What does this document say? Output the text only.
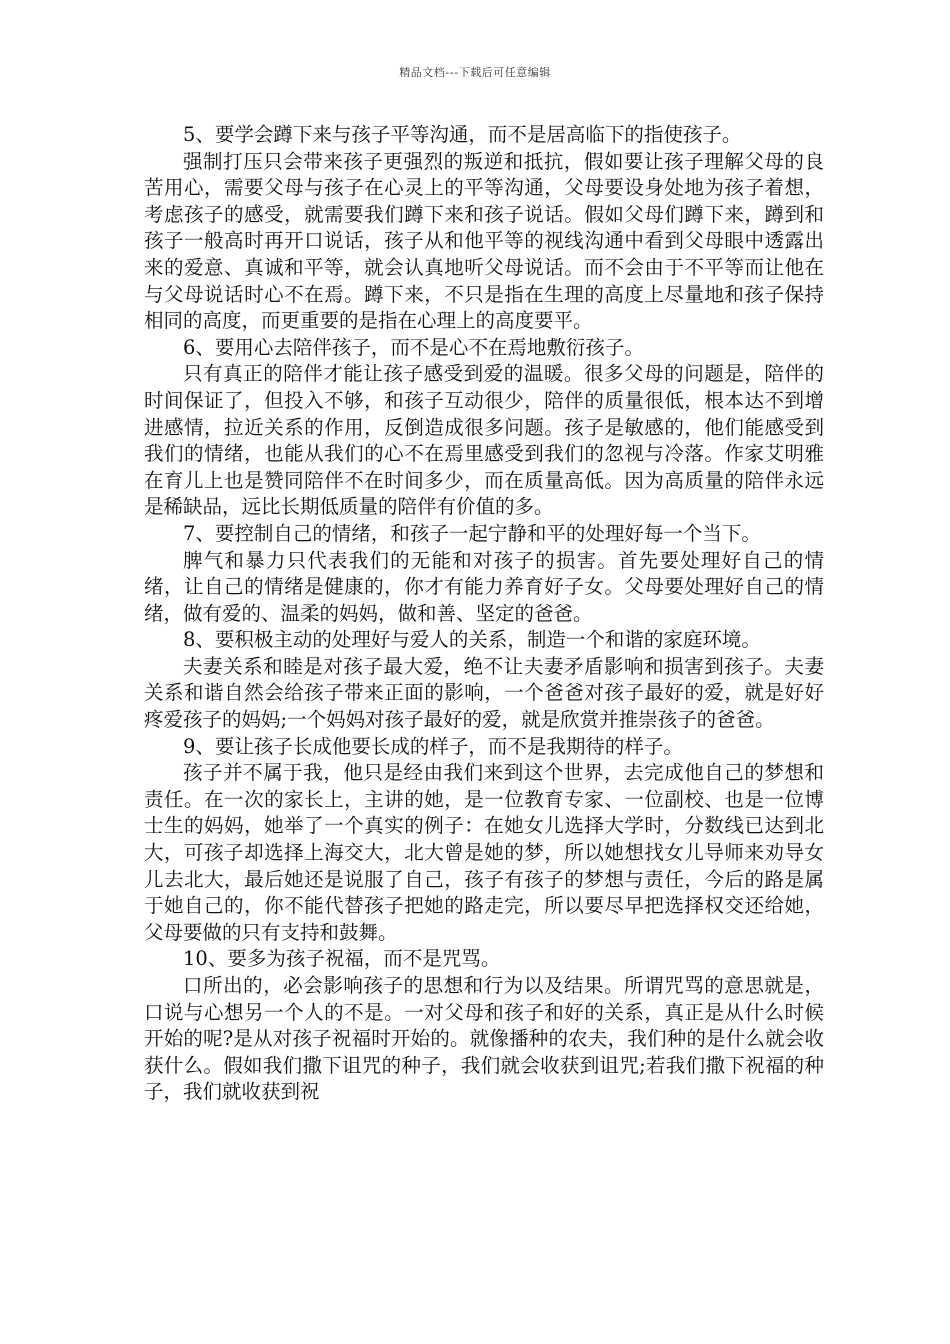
精品文档---下载后可任意编辑

5、要学会蹲下来与孩子平等沟通，而不是居高临下的指使孩子。

强制打压只会带来孩子更强烈的叛逆和抵抗，假如要让孩子理解父母的良苦用心，需要父母与孩子在心灵上的平等沟通，父母要设身处地为孩子着想，考虑孩子的感受，就需要我们蹲下来和孩子说话。假如父母们蹲下来，蹲到和孩子一般高时再开口说话，孩子从和他平等的视线沟通中看到父母眼中透露出来的爱意、真诚和平等，就会认真地听父母说话。而不会由于不平等而让他在与父母说话时心不在焉。蹲下来，不只是指在生理的高度上尽量地和孩子保持相同的高度，而更重要的是指在心理上的高度要平。

6、要用心去陪伴孩子，而不是心不在焉地敷衍孩子。

只有真正的陪伴才能让孩子感受到爱的温暖。很多父母的问题是，陪伴的时间保证了，但投入不够，和孩子互动很少，陪伴的质量很低，根本达不到增进感情，拉近关系的作用，反倒造成很多问题。孩子是敏感的，他们能感受到我们的情绪，也能从我们的心不在焉里感受到我们的忽视与冷落。作家艾明雅在育儿上也是赞同陪伴不在时间多少，而在质量高低。因为高质量的陪伴永远是稀缺品，远比长期低质量的陪伴有价值的多。

7、要控制自己的情绪，和孩子一起宁静和平的处理好每一个当下。

脾气和暴力只代表我们的无能和对孩子的损害。首先要处理好自己的情绪，让自己的情绪是健康的，你才有能力养育好子女。父母要处理好自己的情绪，做有爱的、温柔的妈妈，做和善、坚定的爸爸。

8、要积极主动的处理好与爱人的关系，制造一个和谐的家庭环境。

夫妻关系和睦是对孩子最大爱，绝不让夫妻矛盾影响和损害到孩子。夫妻关系和谐自然会给孩子带来正面的影响，一个爸爸对孩子最好的爱，就是好好疼爱孩子的妈妈;一个妈妈对孩子最好的爱，就是欣赏并推崇孩子的爸爸。

9、要让孩子长成他要长成的样子，而不是我期待的样子。

孩子并不属于我，他只是经由我们来到这个世界，去完成他自己的梦想和责任。在一次的家长上，主讲的她，是一位教育专家、一位副校、也是一位博士生的妈妈，她举了一个真实的例子：在她女儿选择大学时，分数线已达到北大，可孩子却选择上海交大，北大曾是她的梦，所以她想找女儿导师来劝导女儿去北大，最后她还是说服了自己，孩子有孩子的梦想与责任，今后的路是属于她自己的，你不能代替孩子把她的路走完，所以要尽早把选择权交还给她，父母要做的只有支持和鼓舞。

10、要多为孩子祝福，而不是咒骂。

口所出的，必会影响孩子的思想和行为以及结果。所谓咒骂的意思就是，口说与心想另一个人的不是。一对父母和孩子和好的关系，真正是从什么时候开始的呢?是从对孩子祝福时开始的。就像播种的农夫，我们种的是什么就会收获什么。假如我们撒下诅咒的种子，我们就会收获到诅咒;若我们撒下祝福的种子，我们就收获到祝
